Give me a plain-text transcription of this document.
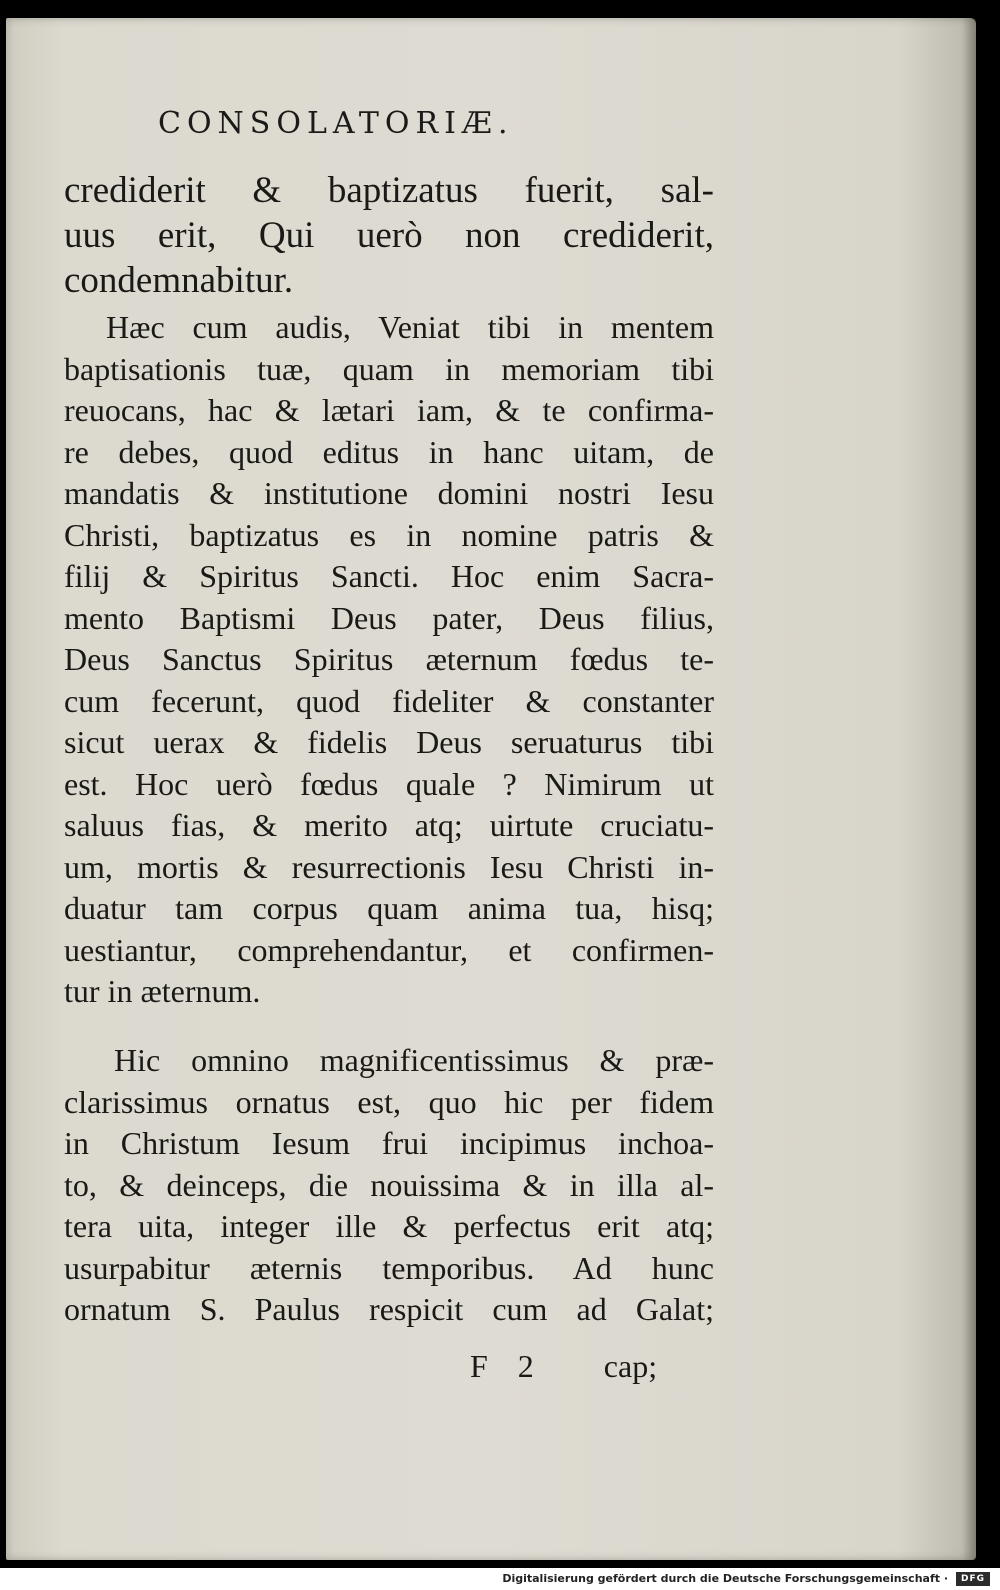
CONSOLATORIÆ.
crediderit & baptizatus fuerit, sal‑
uus erit, Qui uerò non crediderit,
condemnabitur.
Hæc cum audis, Veniat tibi in mentem
baptisationis tuæ, quam in memoriam tibi
reuocans, hac & lætari iam, & te confirma-
re debes, quod editus in hanc uitam, de
mandatis & institutione domini nostri Iesu
Christi, baptizatus es in nomine patris &
filij & Spiritus Sancti. Hoc enim Sacra-
mento Baptismi Deus pater, Deus filius,
Deus Sanctus Spiritus æternum fœdus te-
cum fecerunt, quod fideliter & constanter
sicut uerax & fidelis Deus seruaturus tibi
est. Hoc uerò fœdus quale ? Nimirum ut
saluus fias, & merito atq; uirtute cruciatu-
um, mortis & resurrectionis Iesu Christi in-
duatur tam corpus quam anima tua, hisq;
uestiantur, comprehendantur, et confirmen-
tur in æternum.
Hic omnino magnificentissimus & præ-
clarissimus ornatus est, quo hic per fidem
in Christum Iesum frui incipimus inchoa-
to, & deinceps, die nouissima & in illa al-
tera uita, integer ille & perfectus erit atq;
usurpabitur æternis temporibus. Ad hunc
ornatum S. Paulus respicit cum ad Galat;
F 2 cap;
Digitalisierung gefördert durch die Deutsche Forschungsgemeinschaft ·	DFG
